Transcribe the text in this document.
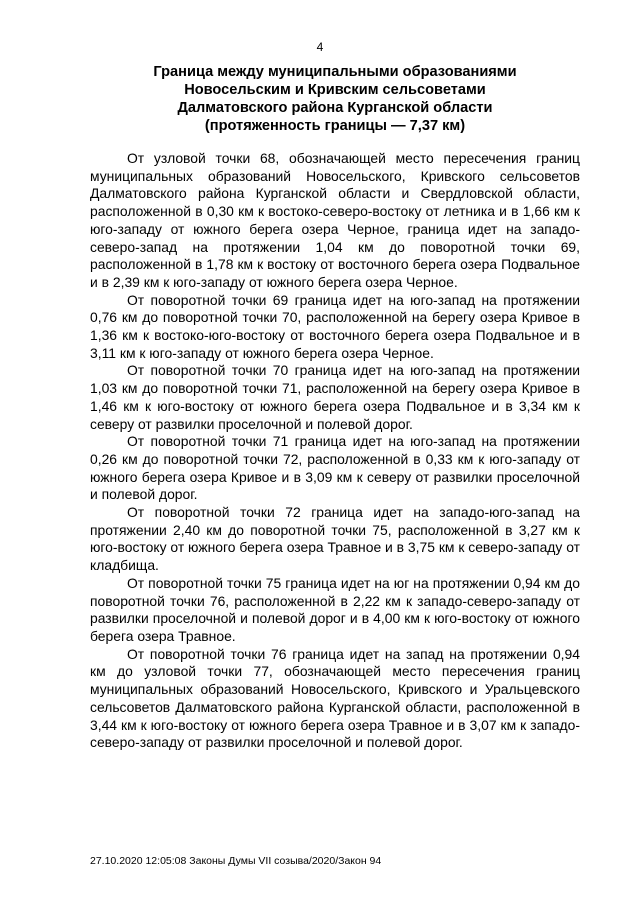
4
Граница между муниципальными образованиями
Новосельским и Кривским сельсоветами
Далматовского района Курганской области
(протяженность границы — 7,37 км)

От узловой точки 68, обозначающей место пересечения границ муниципальных образований Новосельского, Кривского сельсоветов Далматовского района Курганской области и Свердловской области, расположенной в 0,30 км к востоко-северо-востоку от летника и в 1,66 км к юго-западу от южного берега озера Черное, граница идет на западо-северо-запад на протяжении 1,04 км до поворотной точки 69, расположенной в 1,78 км к востоку от восточного берега озера Подвальное и в 2,39 км к юго-западу от южного берега озера Черное.

От поворотной точки 69 граница идет на юго-запад на протяжении 0,76 км до поворотной точки 70, расположенной на берегу озера Кривое в 1,36 км к востоко-юго-востоку от восточного берега озера Подвальное и в 3,11 км к юго-западу от южного берега озера Черное.

От поворотной точки 70 граница идет на юго-запад на протяжении 1,03 км до поворотной точки 71, расположенной на берегу озера Кривое в 1,46 км к юго-востоку от южного берега озера Подвальное и в 3,34 км к северу от развилки проселочной и полевой дорог.

От поворотной точки 71 граница идет на юго-запад на протяжении 0,26 км до поворотной точки 72, расположенной в 0,33 км к юго-западу от южного берега озера Кривое и в 3,09 км к северу от развилки проселочной и полевой дорог.

От поворотной точки 72 граница идет на западо-юго-запад на протяжении 2,40 км до поворотной точки 75, расположенной в 3,27 км к юго-востоку от южного берега озера Травное и в 3,75 км к северо-западу от кладбища.

От поворотной точки 75 граница идет на юг на протяжении 0,94 км до поворотной точки 76, расположенной в 2,22 км к западо-северо-западу от развилки проселочной и полевой дорог и в 4,00 км к юго-востоку от южного берега озера Травное.

От поворотной точки 76 граница идет на запад на протяжении 0,94 км до узловой точки 77, обозначающей место пересечения границ муниципальных образований Новосельского, Кривского и Уральцевского сельсоветов Далматовского района Курганской области, расположенной в 3,44 км к юго-востоку от южного берега озера Травное и в 3,07 км к западо-северо-западу от развилки проселочной и полевой дорог.

27.10.2020 12:05:08 Законы Думы VII созыва/2020/Закон 94
